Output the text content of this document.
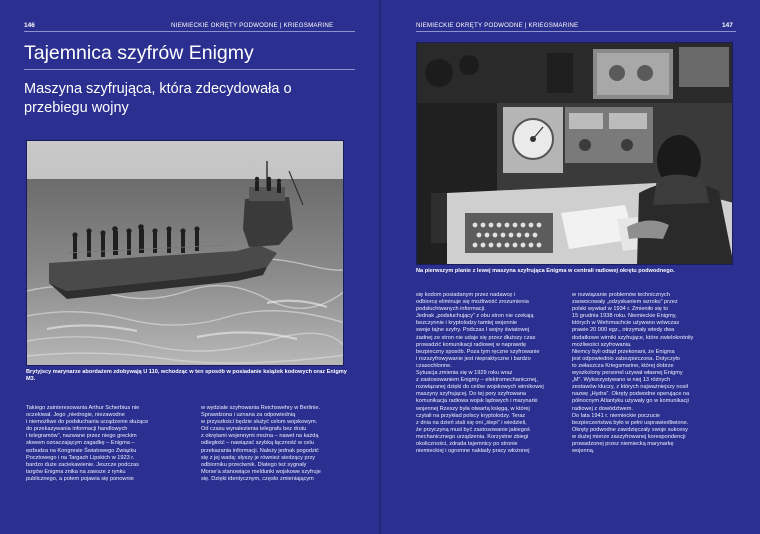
146	NIEMIECKIE OKRĘTY PODWODNE | KRIEGSMARINE
Tajemnica szyfrów Enigmy
Maszyna szyfrująca, która zdecydowała o przebiegu wojny
Brytyjscy marynarze abordażem zdobywają U 110, wchodząc w ten sposób w posiadanie książek kodowych oraz Enigmy M3.

Takiego zainteresowania Arthur Scherbius nie

oczekiwał. Jego „niedrogie, niezawodne

i niemożliwe do podsłuchania urządzenie służące

do przekazywania informacji handlowych

i telegramów”, nazwane przez niego greckim

słowem oznaczającym zagadkę – Enigma –

wzbudza na Kongresie Światowego Związku

Pocztowego i na Targach Lipskich w 1923 r.

bardzo duże zaciekawienie. Jeszcze podczas

targów Enigma znika na zawsze z rynku

publicznego, a potem pojawia się ponownie

w wydziale szyfrowania Reichswehry w Berlinie.

Sprawdzona i uznana za odpowiednią

w przyszłości będzie służyć celom wojskowym.

Od czasu wynalezienia telegrafu bez drutu

z okrętami wojennymi można – nawet na każdą

odległość – nawiązać szybką łączność w celu

przekazania informacji. Należy jednak pogodzić

się z jej wadą: słyszy je również siedzący przy

odbiorniku przeciwnik. Dlatego też sygnały

Morse'a stanowiące meldunki wojskowe szyfruje

się. Dzięki identycznym, często zmieniającym

NIEMIECKIE OKRĘTY PODWODNE | KRIEGSMARINE	147
Na pierwszym planie z lewej maszyna szyfrująca Enigma w centrali radiowej okrętu podwodnego.

się kodom posiadanym przez nadawcę i

odbiorcę eliminuje się możliwość zrozumienia

podsłuchiwanych informacji.

Jednak „podsłuchujący” z obu stron nie czekają

bezczynnie i kryptolodzy tamtej wojennie

swoje tajne szyfry. Podczas I wojny światowej

żadnej ze stron nie udaje się przez dłuższy czas

prowadzić komunikacji radiowej w naprawdę

bezpieczny sposób. Poza tym ręczne szyfrowanie

i rozszyfrowywanie jest niepraktyczne i bardzo

czasochłonne.

Sytuacja zmienia się w 1929 roku wraz

z zastosowaniem Enigmy – elektromechanicznej,

rozwiązanej dzięki do celów wojskowych wirnikowej

maszyny szyfrującej. Do tej pory szyfrowana

komunikacja radiowa wojsk lądowych i marynarki

wojennej Rzeszy była otwartą księgą, w której

czytali na przykład polscy kryptolodzy. Teraz

z dnia na dzień stali się oni „ślepi” i wiedzieli,

że przyczyną musi być zastosowanie jakiegoś

mechanicznego urządzenia. Korzystne zbiegi

okoliczności, zdrada tajemnicy po stronie

niemieckiej i ogromne nakłady pracy włożonej

w rozwiązanie problemów technicznych

zaowocowały „odzyskaniem wzroku” przez

polski wywiad w 1934 r. Zmieniło się to

15 grudnia 1938 roku. Niemieckie Enigmy,

których w Wehrmachcie używano wówczas

prawie 20 000 egz., otrzymały wtedy dwa

dodatkowe wirniki szyfrujące, które zwielokrotniły

możliwości szyfrowania.

Niemcy byli odtąd przekonani, że Enigma

jest odpowiednio zabezpieczona. Dotyczyło

to zwłaszcza Kriegsmarine, której dobrze

wyszkolony personel używał własnej Enigmy

„M”. Wykorzystywano w niej 13 różnych

zestawów kluczy, z których najważniejszy nosił

nazwę „Hydra”. Okręty podwodne operujące na

północnym Atlantyku używały go w komunikacji

radiowej z dowództwem.

Do lata 1941 r. niemieckie poczucie

bezpieczeństwa było w pełni usprawiedliwione.

Okręty podwodne zawdzięczały swoje sukcesy

w dużej mierze zaszyfrowanej korespondencji

prowadzonej przez niemiecką marynarkę

wojenną.
